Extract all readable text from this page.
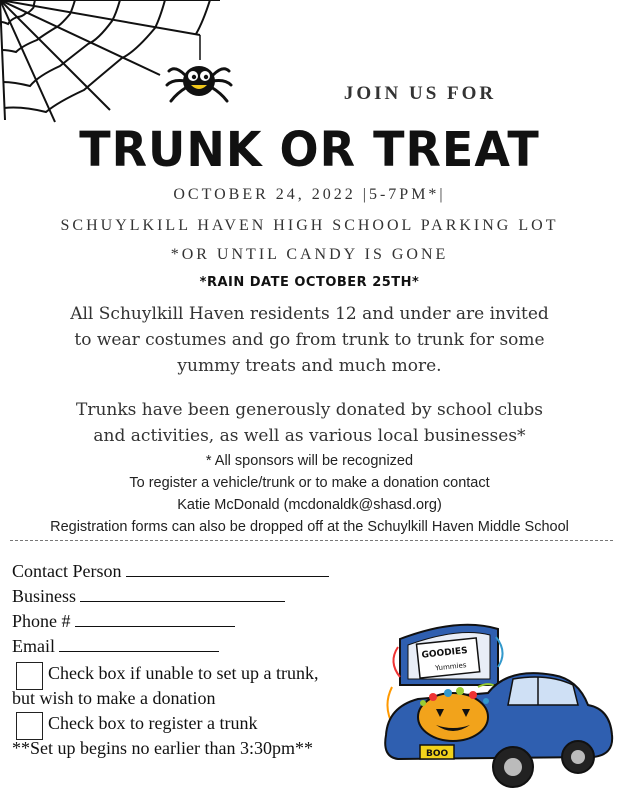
JOIN US FOR
TRUNK OR TREAT
OCTOBER 24, 2022 |5-7PM*|
SCHUYLKILL HAVEN HIGH SCHOOL PARKING LOT
*OR UNTIL CANDY IS GONE
*RAIN DATE OCTOBER 25TH*
All Schuylkill Haven residents 12 and under are invited
to wear costumes and go from trunk to trunk for some
yummy treats and much more.
Trunks have been generously donated by school clubs
and activities, as well as various local businesses*
* All sponsors will be recognized
To register a vehicle/trunk or to make a donation contact
Katie McDonald (mcdonaldk@shasd.org)
Registration forms can also be dropped off at the Schuylkill Haven Middle School
Contact Person
Business
Phone #
Email
Check box if unable to set up a trunk,
but wish to make a donation
Check box to register a trunk
**Set up begins no earlier than 3:30pm**
GOODIES
Yummies
BOO
